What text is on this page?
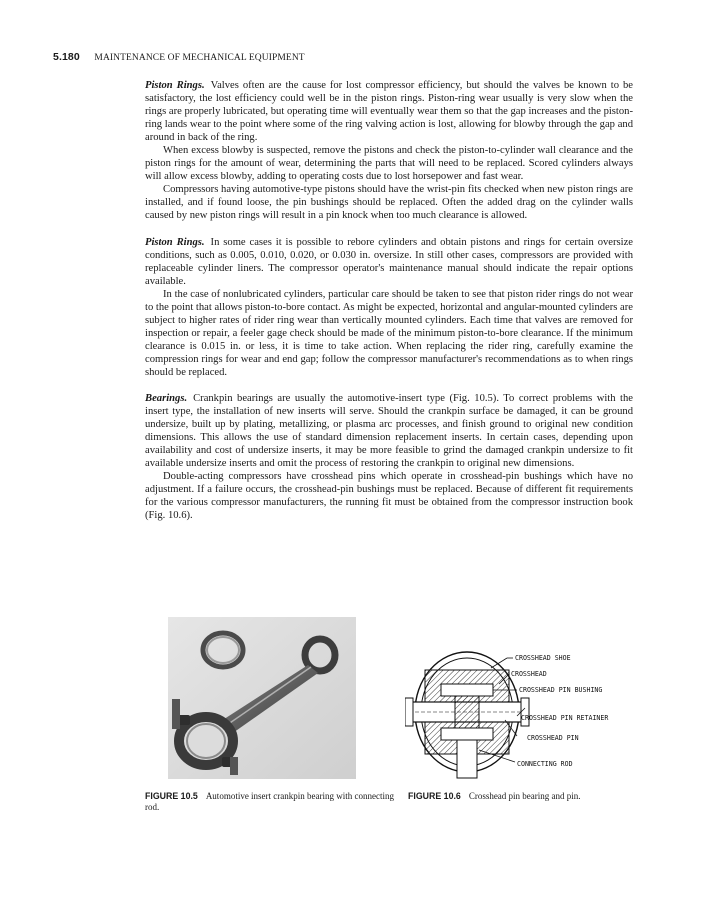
5.180 MAINTENANCE OF MECHANICAL EQUIPMENT

Piston Rings. Valves often are the cause for lost compressor efficiency, but should the valves be known to be satisfactory, the lost efficiency could well be in the piston rings. Piston-ring wear usually is very slow when the rings are properly lubricated, but operating time will eventually wear them so that the gap increases and the piston-ring lands wear to the point where some of the ring valving action is lost, allowing for blowby through the gap and around in back of the ring.

When excess blowby is suspected, remove the pistons and check the piston-to-cylinder wall clearance and the piston rings for the amount of wear, determining the parts that will need to be replaced. Scored cylinders always will allow excess blowby, adding to operating costs due to lost horsepower and fast wear.

Compressors having automotive-type pistons should have the wrist-pin fits checked when new piston rings are installed, and if found loose, the pin bushings should be replaced. Often the added drag on the cylinder walls caused by new piston rings will result in a pin knock when too much clearance is allowed.

Piston Rings. In some cases it is possible to rebore cylinders and obtain pistons and rings for certain oversize conditions, such as 0.005, 0.010, 0.020, or 0.030 in. oversize. In still other cases, compressors are provided with replaceable cylinder liners. The compressor operator's maintenance manual should indicate the repair options available.

In the case of nonlubricated cylinders, particular care should be taken to see that piston rider rings do not wear to the point that allows piston-to-bore contact. As might be expected, horizontal and angular-mounted cylinders are subject to higher rates of rider ring wear than vertically mounted cylinders. Each time that valves are removed for inspection or repair, a feeler gage check should be made of the minimum piston-to-bore clearance. If the minimum clearance is 0.015 in. or less, it is time to take action. When replacing the rider ring, carefully examine the compression rings for wear and end gap; follow the compressor manufacturer's recommendations as to when rings should be replaced.

Bearings. Crankpin bearings are usually the automotive-insert type (Fig. 10.5). To correct problems with the insert type, the installation of new inserts will serve. Should the crankpin surface be damaged, it can be ground undersize, built up by plating, metallizing, or plasma arc processes, and finish ground to original new condition dimensions. This allows the use of standard dimension replacement inserts. In certain cases, depending upon availability and cost of undersize inserts, it may be more feasible to grind the damaged crankpin undersize to fit available undersize inserts and omit the process of restoring the crankpin to original new dimensions.

Double-acting compressors have crosshead pins which operate in crosshead-pin bushings which have no adjustment. If a failure occurs, the crosshead-pin bushings must be replaced. Because of different fit requirements for the various compressor manufacturers, the running fit must be obtained from the compressor instruction book (Fig. 10.6).

CROSSHEAD SHOE
CROSSHEAD
CROSSHEAD PIN BUSHING
CROSSHEAD PIN RETAINER
CROSSHEAD PIN
CONNECTING ROD
FIGURE 10.5 Automotive insert crankpin bearing with connecting rod.
FIGURE 10.6 Crosshead pin bearing and pin.
